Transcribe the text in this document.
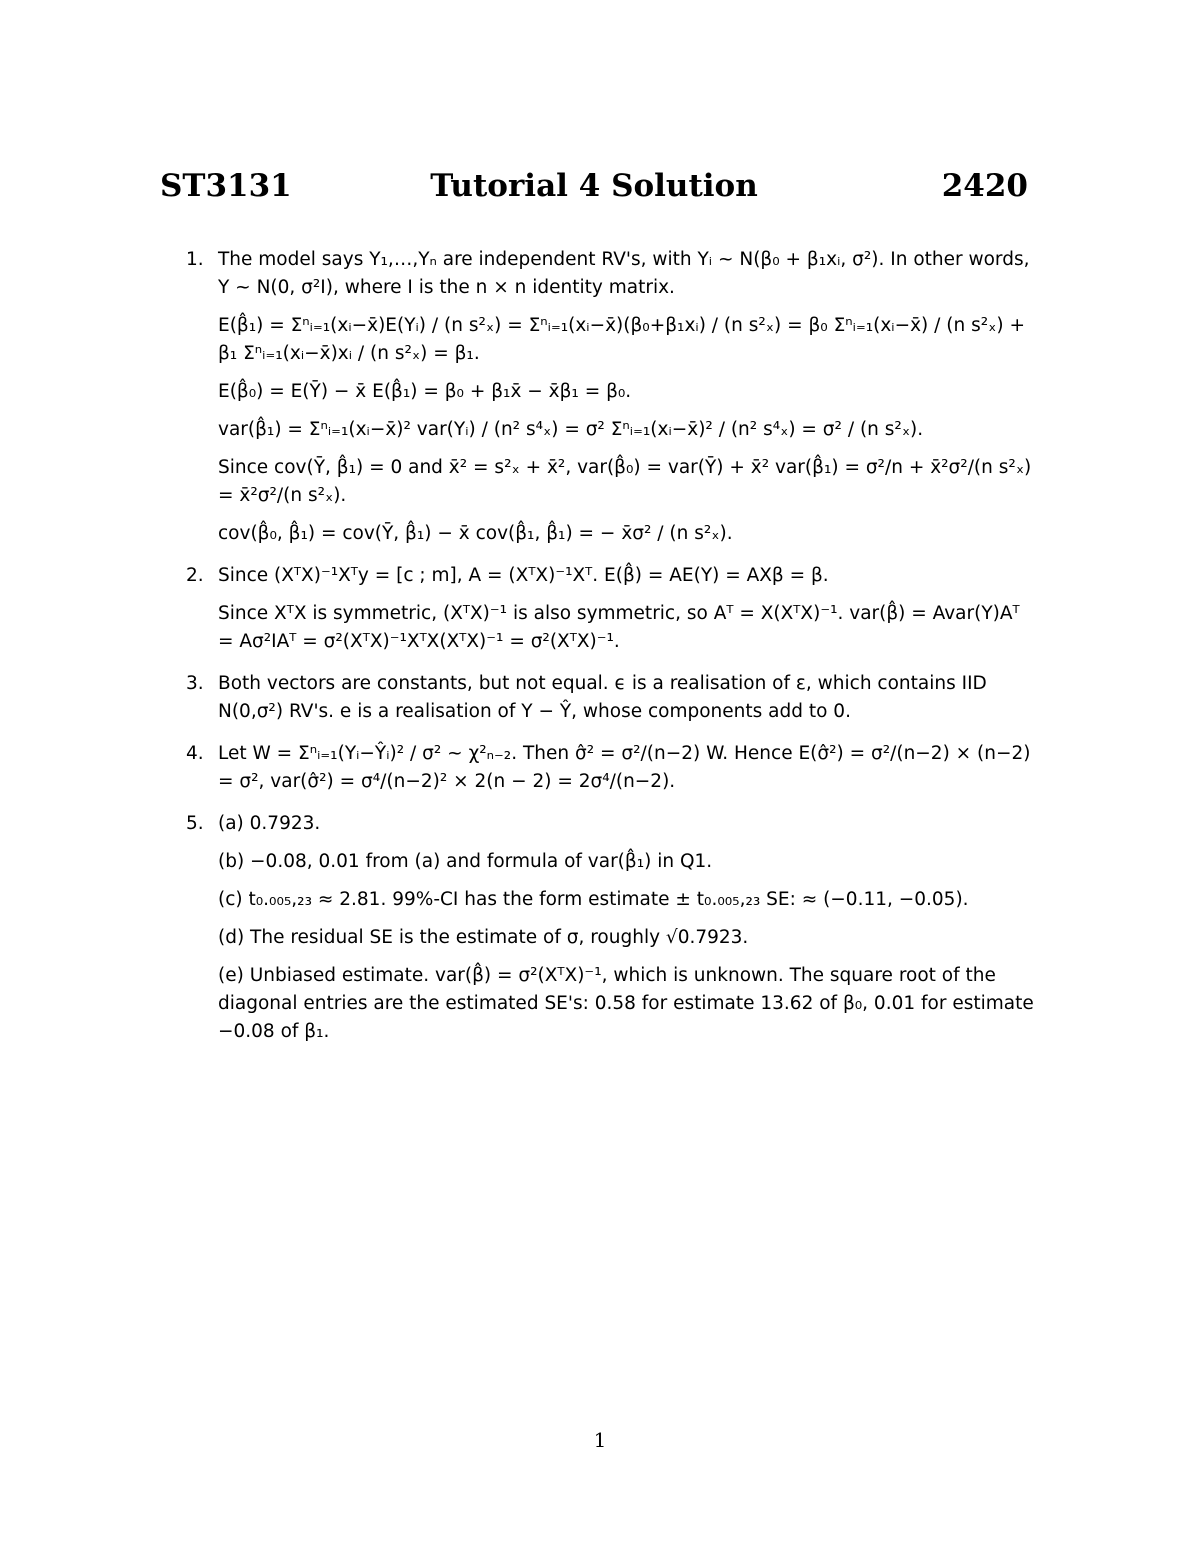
ST3131	Tutorial 4 Solution	2420
1. The model says Y₁,…,Yₙ are independent RV's, with Yᵢ ~ N(β₀ + β₁xᵢ, σ²). In other words, Y ~ N(0, σ²I), where I is the n × n identity matrix.
E(β̂₁) = Σⁿᵢ₌₁(xᵢ−x̄)E(Yᵢ) / (n s²ₓ) = Σⁿᵢ₌₁(xᵢ−x̄)(β₀+β₁xᵢ) / (n s²ₓ) = β₀ Σⁿᵢ₌₁(xᵢ−x̄) / (n s²ₓ) + β₁ Σⁿᵢ₌₁(xᵢ−x̄)xᵢ / (n s²ₓ) = β₁.
E(β̂₀) = E(Ȳ) − x̄ E(β̂₁) = β₀ + β₁x̄ − x̄β₁ = β₀.
var(β̂₁) = Σⁿᵢ₌₁(xᵢ−x̄)² var(Yᵢ) / (n² s⁴ₓ) = σ² Σⁿᵢ₌₁(xᵢ−x̄)² / (n² s⁴ₓ) = σ² / (n s²ₓ).
Since cov(Ȳ, β̂₁) = 0 and x̄² = s²ₓ + x̄², var(β̂₀) = var(Ȳ) + x̄² var(β̂₁) = σ²/n + x̄²σ²/(n s²ₓ) = x̄²σ²/(n s²ₓ).
cov(β̂₀, β̂₁) = cov(Ȳ, β̂₁) − x̄ cov(β̂₁, β̂₁) = − x̄σ² / (n s²ₓ).
2. Since (XᵀX)⁻¹Xᵀy = [c ; m], A = (XᵀX)⁻¹Xᵀ. E(β̂) = AE(Y) = AXβ = β.
Since XᵀX is symmetric, (XᵀX)⁻¹ is also symmetric, so Aᵀ = X(XᵀX)⁻¹. var(β̂) = Avar(Y)Aᵀ = Aσ²IAᵀ = σ²(XᵀX)⁻¹XᵀX(XᵀX)⁻¹ = σ²(XᵀX)⁻¹.
3. Both vectors are constants, but not equal. ϵ is a realisation of ε, which contains IID N(0,σ²) RV's. e is a realisation of Y − Ŷ, whose components add to 0.
4. Let W = Σⁿᵢ₌₁(Yᵢ−Ŷᵢ)² / σ² ~ χ²ₙ₋₂. Then σ̂² = σ²/(n−2) W. Hence E(σ̂²) = σ²/(n−2) × (n−2) = σ², var(σ̂²) = σ⁴/(n−2)² × 2(n − 2) = 2σ⁴/(n−2).
5. (a) 0.7923.
(b) −0.08, 0.01 from (a) and formula of var(β̂₁) in Q1.
(c) t₀.₀₀₅,₂₃ ≈ 2.81. 99%-CI has the form estimate ± t₀.₀₀₅,₂₃ SE: ≈ (−0.11, −0.05).
(d) The residual SE is the estimate of σ, roughly √0.7923.
(e) Unbiased estimate. var(β̂) = σ²(XᵀX)⁻¹, which is unknown. The square root of the diagonal entries are the estimated SE's: 0.58 for estimate 13.62 of β₀, 0.01 for estimate −0.08 of β₁.
1
